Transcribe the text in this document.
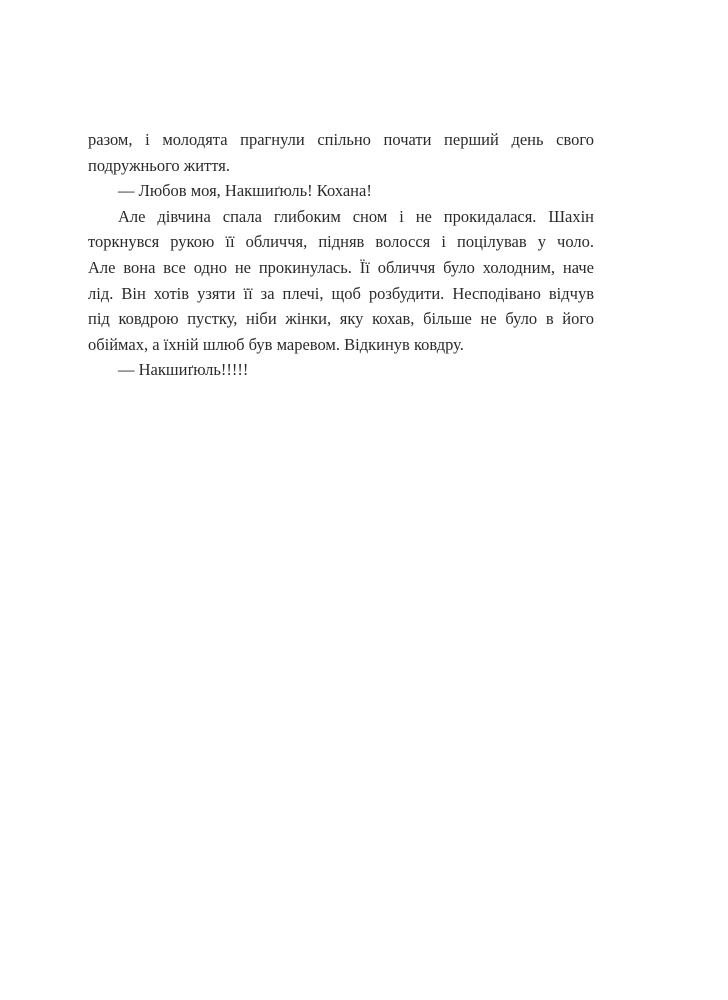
разом, і молодята прагнули спільно почати перший день свого
подружнього життя.
— Любов моя, Накшиґюль! Кохана!
Але дівчина спала глибоким сном і не прокидалася. Шахін
торкнувся рукою її обличчя, підняв волосся і поцілував у чоло.
Але вона все одно не прокинулась. Її обличчя було холодним, наче
лід. Він хотів узяти її за плечі, щоб розбудити. Несподівано відчув
під ковдрою пустку, ніби жінки, яку кохав, більше не було в його
обіймах, а їхній шлюб був маревом. Відкинув ковдру.
— Накшиґюль!!!!!
